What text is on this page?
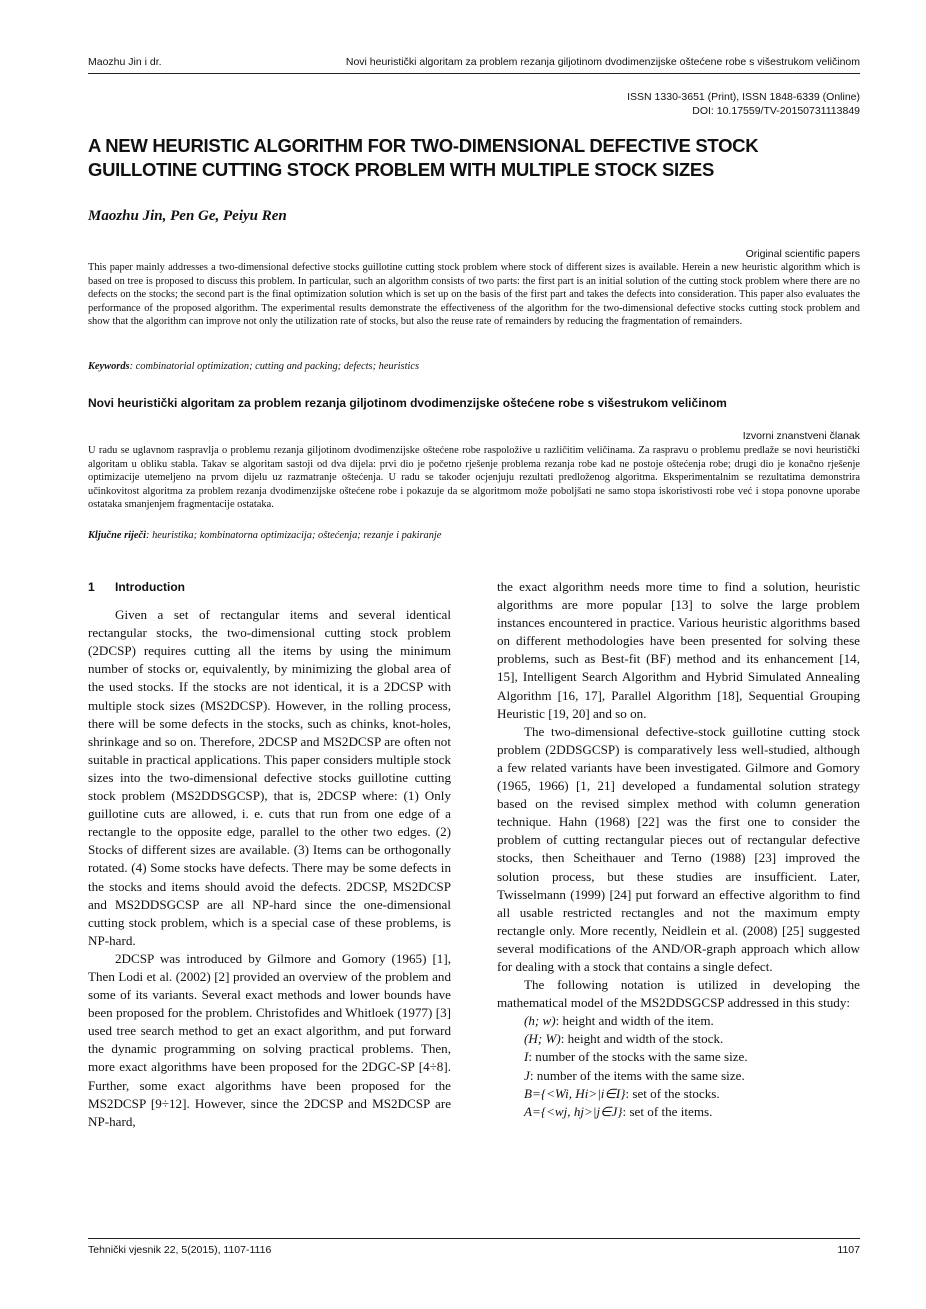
Maozhu Jin i dr.	Novi heuristički algoritam za problem rezanja giljotinom dvodimenzijske oštećene robe s višestrukom veličinom
ISSN 1330-3651 (Print), ISSN 1848-6339 (Online)
DOI: 10.17559/TV-20150731113849
A NEW HEURISTIC ALGORITHM FOR TWO-DIMENSIONAL DEFECTIVE STOCK
GUILLOTINE CUTTING STOCK PROBLEM WITH MULTIPLE STOCK SIZES
Maozhu Jin, Pen Ge, Peiyu Ren
Original scientific papers
This paper mainly addresses a two-dimensional defective stocks guillotine cutting stock problem where stock of different sizes is available. Herein a new heuristic algorithm which is based on tree is proposed to discuss this problem. In particular, such an algorithm consists of two parts: the first part is an initial solution of the cutting stock problem where there are no defects on the stocks; the second part is the final optimization solution which is set up on the basis of the first part and takes the defects into consideration. This paper also evaluates the performance of the proposed algorithm. The experimental results demonstrate the effectiveness of the algorithm for the two-dimensional defective stocks cutting stock problem and show that the algorithm can improve not only the utilization rate of stocks, but also the reuse rate of remainders by reducing the fragmentation of remainders.
Keywords: combinatorial optimization; cutting and packing; defects; heuristics
Novi heuristički algoritam za problem rezanja giljotinom dvodimenzijske oštećene robe s višestrukom veličinom
Izvorni znanstveni članak
U radu se uglavnom raspravlja o problemu rezanja giljotinom dvodimenzijske oštećene robe raspoložive u različitim veličinama. Za raspravu o problemu predlaže se novi heuristički algoritam u obliku stabla. Takav se algoritam sastoji od dva dijela: prvi dio je početno rješenje problema rezanja robe kad ne postoje oštećenja robe; drugi dio je konačno rješenje optimizacije utemeljeno na prvom dijelu uz razmatranje oštećenja. U radu se također ocjenjuju rezultati predloženog algoritma. Eksperimentalnim se rezultatima demonstrira učinkovitost algoritma za problem rezanja dvodimenzijske oštećene robe i pokazuje da se algoritmom može poboljšati ne samo stopa iskoristivosti robe već i stopa ponovne uporabe ostataka smanjenjem fragmentacije ostataka.
Ključne riječi: heuristika; kombinatorna optimizacija; oštećenja; rezanje i pakiranje
1 Introduction

Given a set of rectangular items and several identical rectangular stocks, the two-dimensional cutting stock problem (2DCSP) requires cutting all the items by using the minimum number of stocks or, equivalently, by minimizing the global area of the used stocks. If the stocks are not identical, it is a 2DCSP with multiple stock sizes (MS2DCSP). However, in the rolling process, there will be some defects in the stocks, such as chinks, knot-holes, shrinkage and so on. Therefore, 2DCSP and MS2DCSP are often not suitable in practical applications. This paper considers multiple stock sizes into the two-dimensional defective stocks guillotine cutting stock problem (MS2DDSGCSP), that is, 2DCSP where: (1) Only guillotine cuts are allowed, i. e. cuts that run from one edge of a rectangle to the opposite edge, parallel to the other two edges. (2) Stocks of different sizes are available. (3) Items can be orthogonally rotated. (4) Some stocks have defects. There may be some defects in the stocks and items should avoid the defects. 2DCSP, MS2DCSP and MS2DDSGCSP are all NP-hard since the one-dimensional cutting stock problem, which is a special case of these problems, is NP-hard.

2DCSP was introduced by Gilmore and Gomory (1965) [1], Then Lodi et al. (2002) [2] provided an overview of the problem and some of its variants. Several exact methods and lower bounds have been proposed for the problem. Christofides and Whitloek (1977) [3] used tree search method to get an exact algorithm, and put forward the dynamic programming on solving practical problems. Then, more exact algorithms have been proposed for the 2DGC-SP [4÷8]. Further, some exact algorithms have been proposed for the MS2DCSP [9÷12]. However, since the 2DCSP and MS2DCSP are NP-hard,

the exact algorithm needs more time to find a solution, heuristic algorithms are more popular [13] to solve the large problem instances encountered in practice. Various heuristic algorithms based on different methodologies have been presented for solving these problems, such as Best-fit (BF) method and its enhancement [14, 15], Intelligent Search Algorithm and Hybrid Simulated Annealing Algorithm [16, 17], Parallel Algorithm [18], Sequential Grouping Heuristic [19, 20] and so on.

The two-dimensional defective-stock guillotine cutting stock problem (2DDSGCSP) is comparatively less well-studied, although a few related variants have been investigated. Gilmore and Gomory (1965, 1966) [1, 21] developed a fundamental solution strategy based on the revised simplex method with column generation technique. Hahn (1968) [22] was the first one to consider the problem of cutting rectangular pieces out of rectangular defective stocks, then Scheithauer and Terno (1988) [23] improved the solution process, but these studies are insufficient. Later, Twisselmann (1999) [24] put forward an effective algorithm to find all usable restricted rectangles and not the maximum empty rectangle only. More recently, Neidlein et al. (2008) [25] suggested several modifications of the AND/OR-graph approach which allow for dealing with a stock that contains a single defect.

The following notation is utilized in developing the mathematical model of the MS2DDSGCSP addressed in this study:

(h; w): height and width of the item.

(H; W): height and width of the stock.

I: number of the stocks with the same size.

J: number of the items with the same size.

B={<Wi, Hi>|i∈I}: set of the stocks.

A={<wj, hj>|j∈J}: set of the items.

Tehnički vjesnik 22, 5(2015), 1107-1116	1107
